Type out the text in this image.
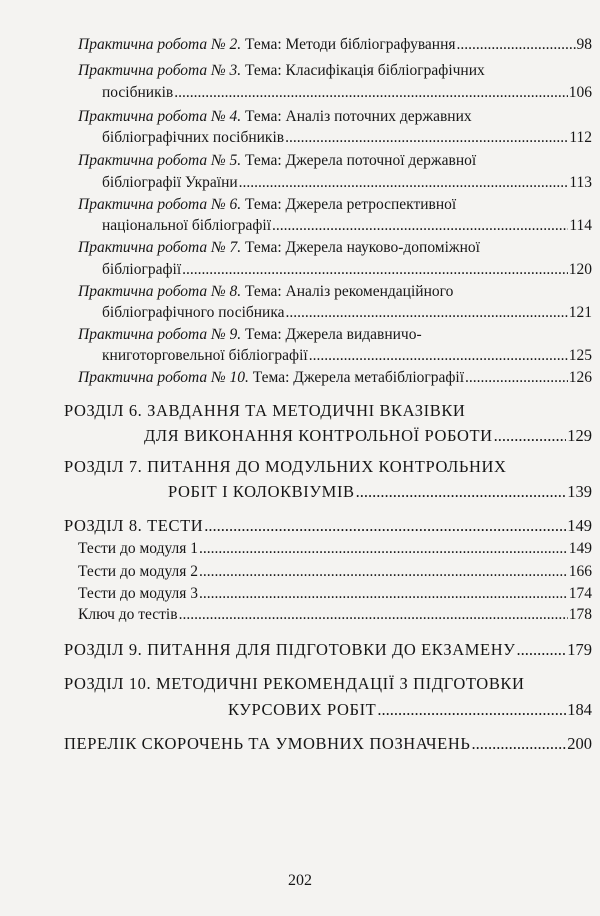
Практична робота № 2. Тема: Методи бібліографування .....	98
Практична робота № 3. Тема: Класифікація бібліографічних
посібників .....	106
Практична робота № 4. Тема: Аналіз поточних державних
бібліографічних посібників .....	112
Практична робота № 5. Тема: Джерела поточної державної
бібліографії України .....	113
Практична робота № 6. Тема: Джерела ретроспективної
національної бібліографії .....	114
Практична робота № 7. Тема: Джерела науково-допоміжної
бібліографії .....	120
Практична робота № 8. Тема: Аналіз рекомендаційного
бібліографічного посібника .....	121
Практична робота № 9. Тема: Джерела видавничо-
книготорговельної бібліографії .....	125
Практична робота № 10. Тема: Джерела метабібліографії .....	126
РОЗДІЛ 6. ЗАВДАННЯ ТА МЕТОДИЧНІ ВКАЗІВКИ
ДЛЯ ВИКОНАННЯ КОНТРОЛЬНОЇ РОБОТИ .....	129
РОЗДІЛ 7. ПИТАННЯ ДО МОДУЛЬНИХ КОНТРОЛЬНИХ
РОБІТ І КОЛОКВІУМІВ .....	139
РОЗДІЛ 8. ТЕСТИ .....	149
Тести до модуля 1 .....	149
Тести до модуля 2 .....	166
Тести до модуля 3 .....	174
Ключ до тестів .....	178
РОЗДІЛ 9. ПИТАННЯ ДЛЯ ПІДГОТОВКИ ДО ЕКЗАМЕНУ .....	179
РОЗДІЛ 10. МЕТОДИЧНІ РЕКОМЕНДАЦІЇ З ПІДГОТОВКИ
КУРСОВИХ РОБІТ .....	184
ПЕРЕЛІК СКОРОЧЕНЬ ТА УМОВНИХ ПОЗНАЧЕНЬ .....	200
202
